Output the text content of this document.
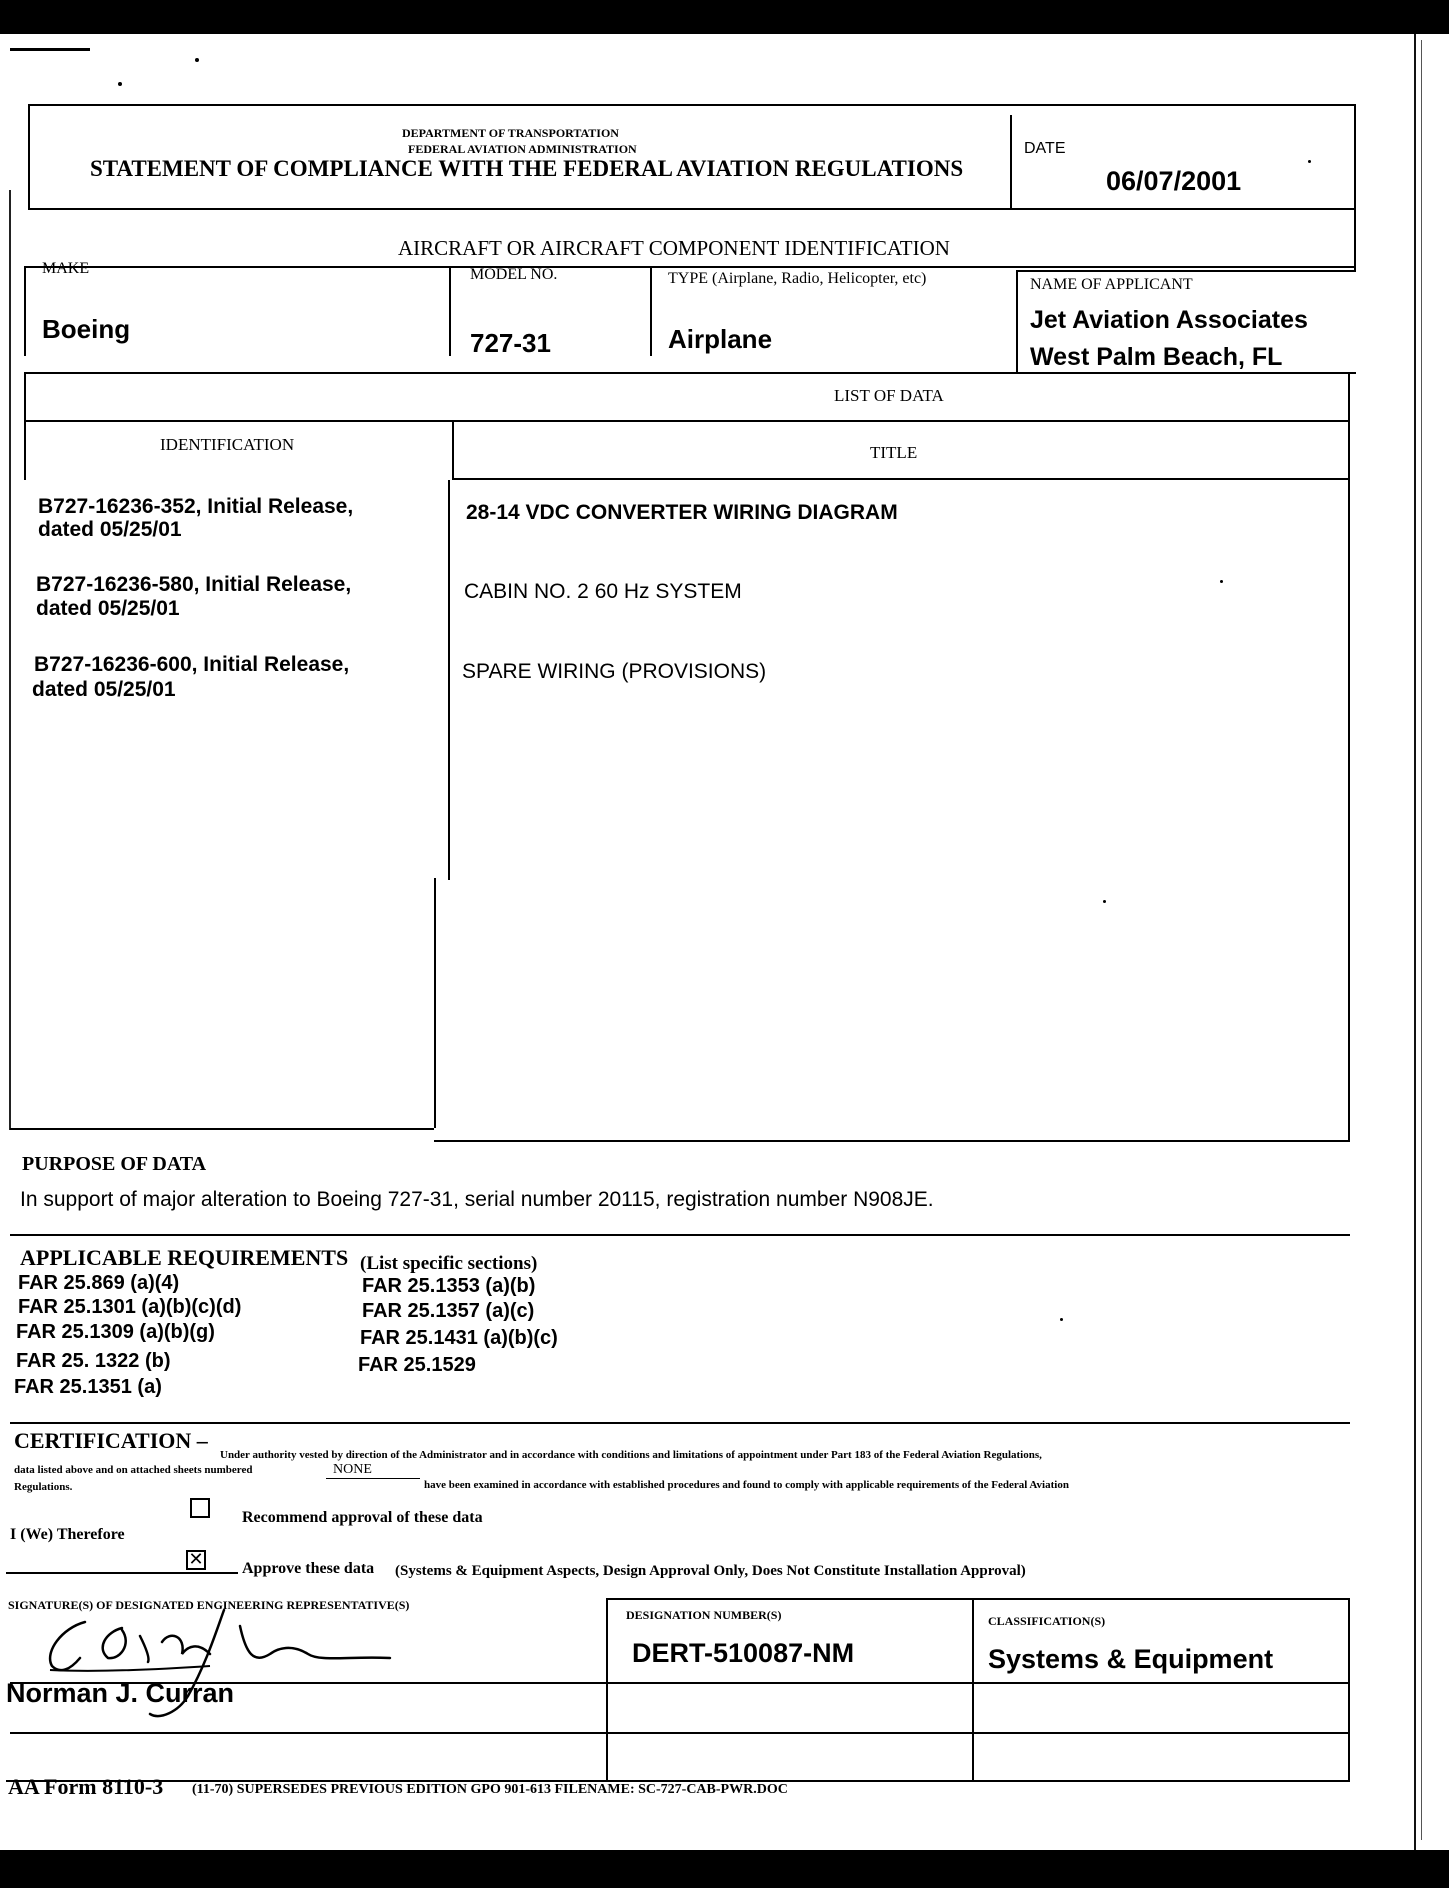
DEPARTMENT OF TRANSPORTATION
FEDERAL AVIATION ADMINISTRATION
STATEMENT OF COMPLIANCE WITH THE FEDERAL AVIATION REGULATIONS
DATE
06/07/2001
AIRCRAFT OR AIRCRAFT COMPONENT IDENTIFICATION
MAKE
Boeing
MODEL NO.
727-31
TYPE (Airplane, Radio, Helicopter, etc)
Airplane
NAME OF APPLICANT
Jet Aviation Associates
West Palm Beach, FL
LIST OF DATA
IDENTIFICATION	TITLE
B727-16236-352, Initial Release,
dated 05/25/01
28-14 VDC CONVERTER WIRING DIAGRAM
B727-16236-580, Initial Release,
dated 05/25/01
CABIN NO. 2 60 Hz SYSTEM
B727-16236-600, Initial Release,
dated 05/25/01
SPARE WIRING (PROVISIONS)
PURPOSE OF DATA
In support of major alteration to Boeing 727-31, serial number 20115, registration number N908JE.
APPLICABLE REQUIREMENTS (List specific sections)
FAR 25.869 (a)(4)
FAR 25.1301 (a)(b)(c)(d)
FAR 25.1309 (a)(b)(g)
FAR 25. 1322 (b)
FAR 25.1351 (a)
FAR 25.1353 (a)(b)
FAR 25.1357 (a)(c)
FAR 25.1431 (a)(b)(c)
FAR 25.1529
CERTIFICATION –
Under authority vested by direction of the Administrator and in accordance with conditions and limitations of appointment under Part 183 of the Federal Aviation Regulations,
data listed above and on attached sheets numbered	NONE
have been examined in accordance with established procedures and found to comply with applicable requirements of the Federal Aviation
Regulations.
Recommend approval of these data
I (We) Therefore
✕ Approve these data (Systems & Equipment Aspects, Design Approval Only, Does Not Constitute Installation Approval)
SIGNATURE(S) OF DESIGNATED ENGINEERING REPRESENTATIVE(S)
DESIGNATION NUMBER(S)	CLASSIFICATION(S)
Norman J. Curran
DERT-510087-NM	Systems & Equipment
AA Form 8110-3 (11-70) SUPERSEDES PREVIOUS EDITION GPO 901-613 FILENAME: SC-727-CAB-PWR.DOC
